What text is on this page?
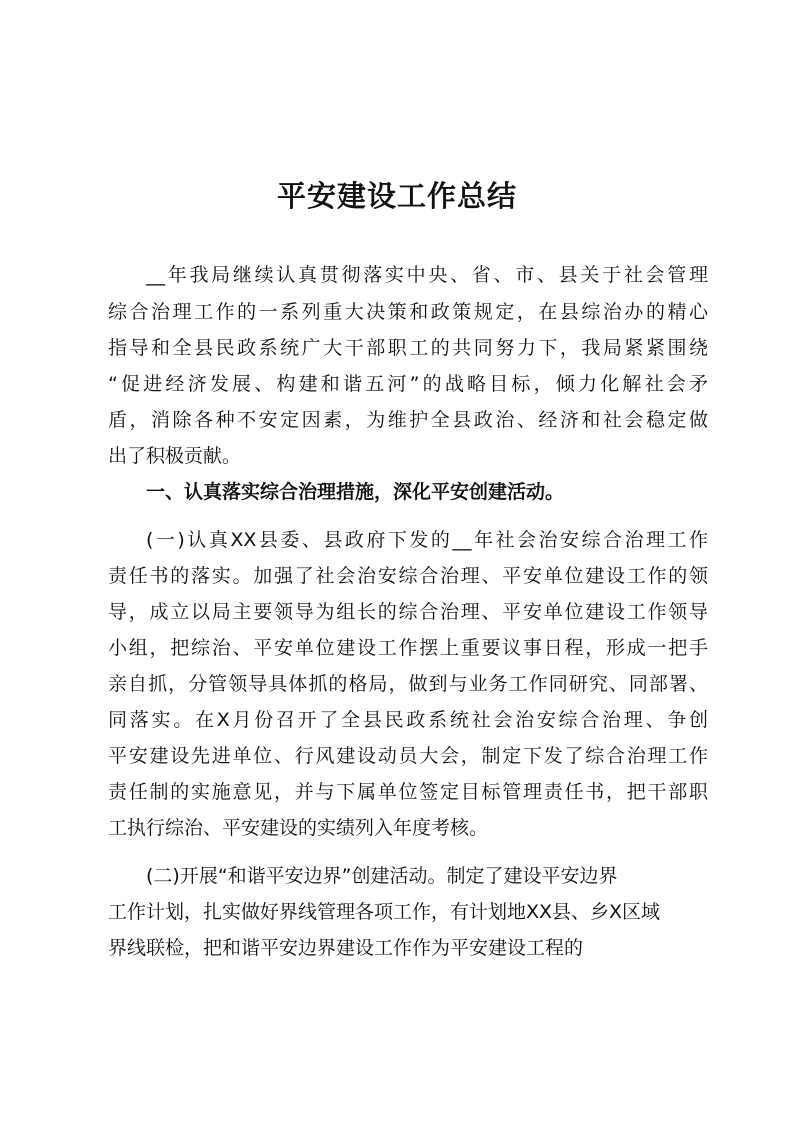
平安建设工作总结
__年我局继续认真贯彻落实中央、省、市、县关于社会管理
综合治理工作的一系列重大决策和政策规定，在县综治办的精心
指导和全县民政系统广大干部职工的共同努力下，我局紧紧围绕
“促进经济发展、构建和谐五河”的战略目标，倾力化解社会矛
盾，消除各种不安定因素，为维护全县政治、经济和社会稳定做
出了积极贡献。
一、认真落实综合治理措施，深化平安创建活动。
(一)认真XX县委、县政府下发的__年社会治安综合治理工作
责任书的落实。加强了社会治安综合治理、平安单位建设工作的领
导，成立以局主要领导为组长的综合治理、平安单位建设工作领导
小组，把综治、平安单位建设工作摆上重要议事日程，形成一把手
亲自抓，分管领导具体抓的格局，做到与业务工作同研究、同部署、
同落实。在X月份召开了全县民政系统社会治安综合治理、争创
平安建设先进单位、行风建设动员大会，制定下发了综合治理工作
责任制的实施意见，并与下属单位签定目标管理责任书，把干部职
工执行综治、平安建设的实绩列入年度考核。
(二)开展“和谐平安边界”创建活动。制定了建设平安边界
工作计划，扎实做好界线管理各项工作，有计划地XX县、乡X区域
界线联检，把和谐平安边界建设工作作为平安建设工程的
